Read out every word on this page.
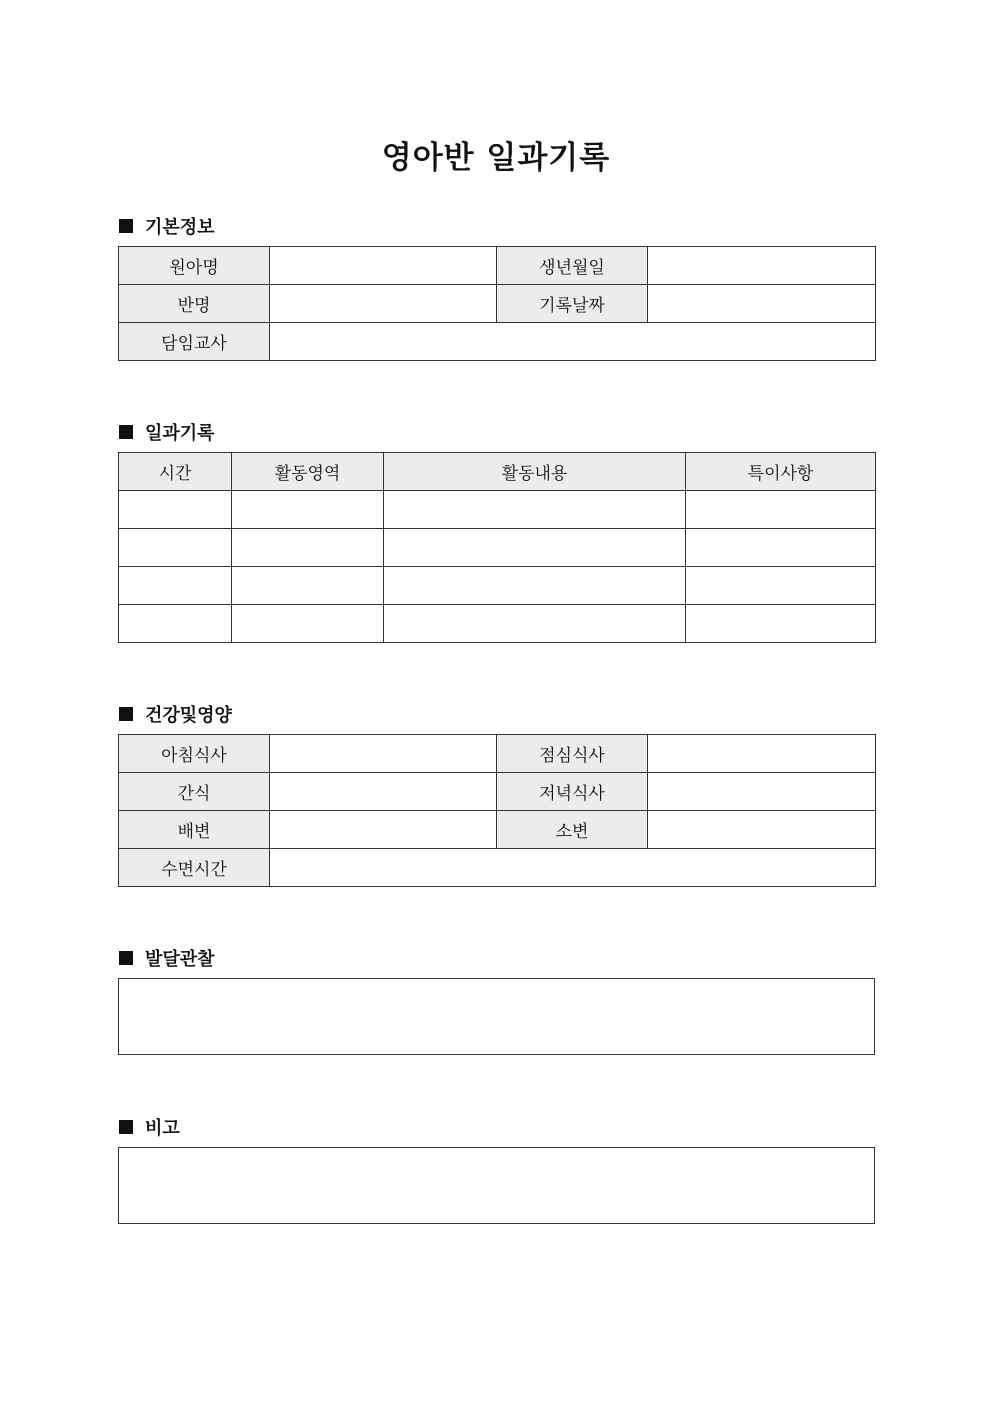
영아반 일과기록
기본정보
원아명		생년월일	
반명		기록날짜	
담임교사			
일과기록
시간	활동영역	활동내용	특이사항

건강및영양
아침식사		점심식사	
간식		저녁식사	
배변		소변	
수면시간			
발달관찰
비고
